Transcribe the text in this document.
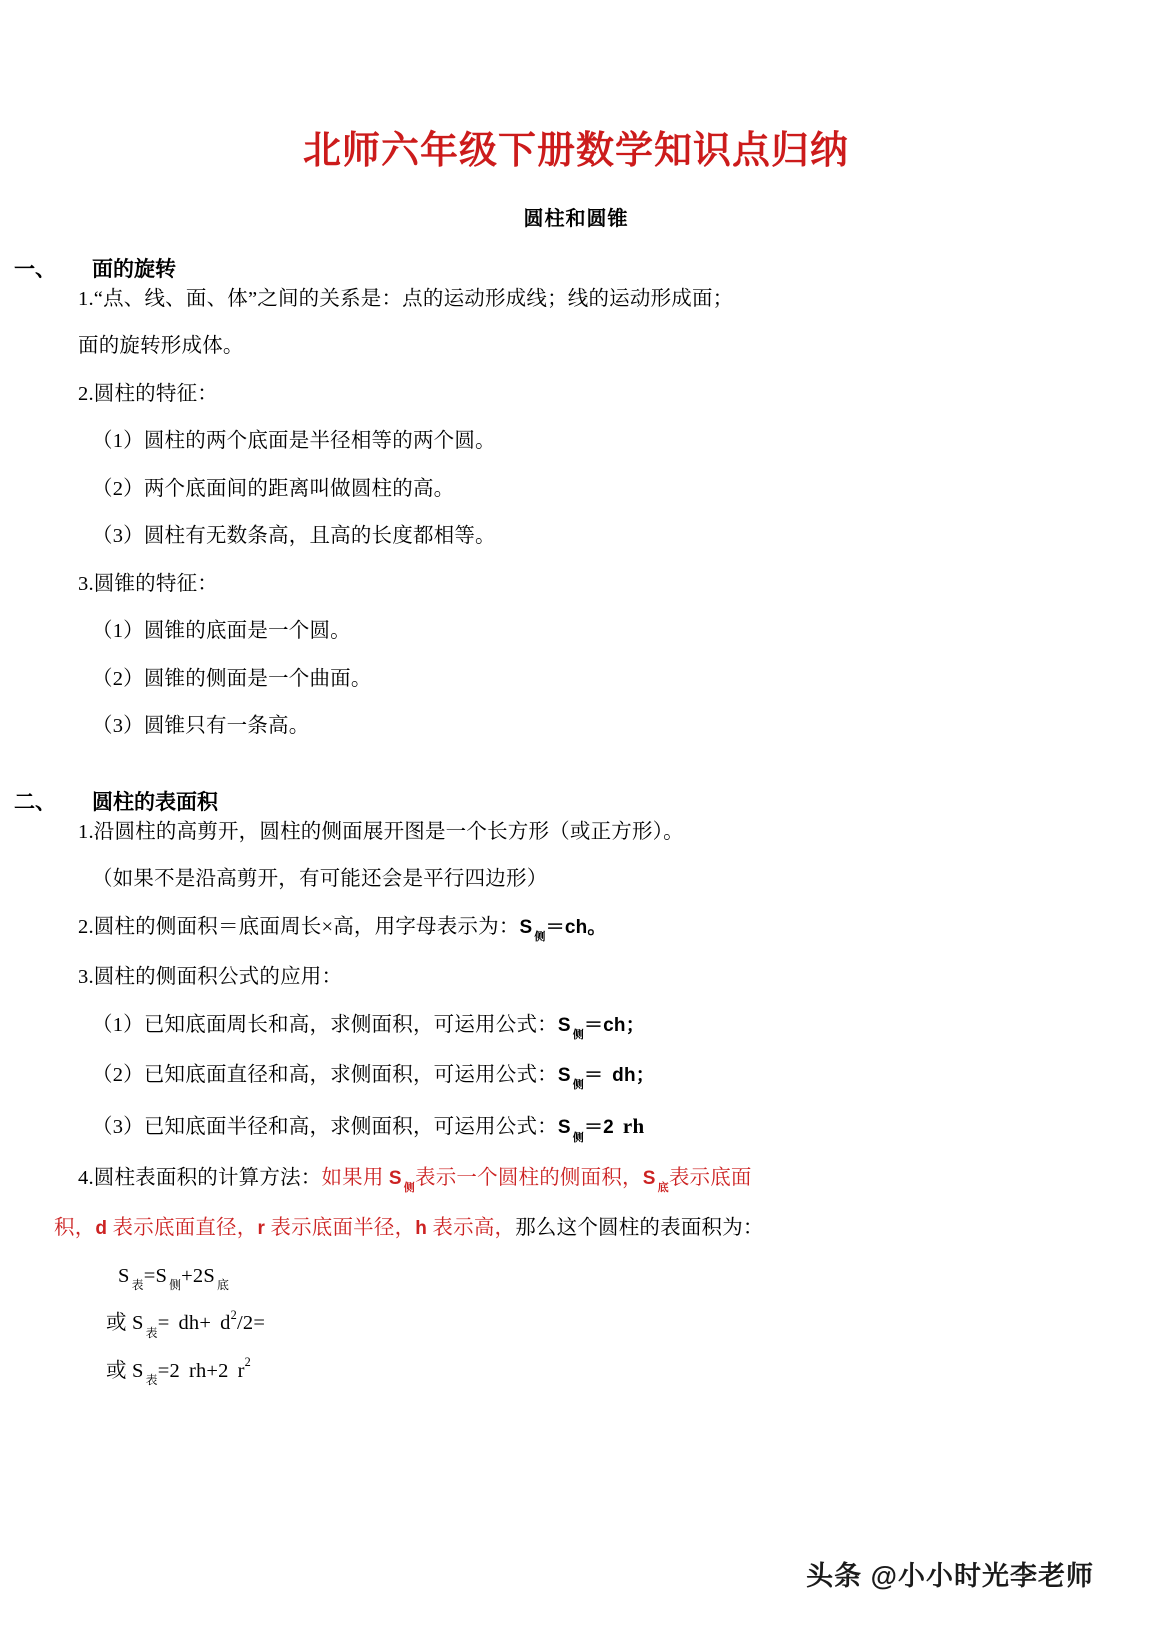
北师六年级下册数学知识点归纳
圆柱和圆锥
一、	面的旋转

1.“点、线、面、体”之间的关系是：点的运动形成线；线的运动形成面；

面的旋转形成体。

2.圆柱的特征：

（1）圆柱的两个底面是半径相等的两个圆。

（2）两个底面间的距离叫做圆柱的高。

（3）圆柱有无数条高，且高的长度都相等。

3.圆锥的特征：

（1）圆锥的底面是一个圆。

（2）圆锥的侧面是一个曲面。

（3）圆锥只有一条高。

二、	圆柱的表面积

1.沿圆柱的高剪开，圆柱的侧面展开图是一个长方形（或正方形）。

（如果不是沿高剪开，有可能还会是平行四边形）

2.圆柱的侧面积＝底面周长×高，用字母表示为：S $_侧$＝ch。

3.圆柱的侧面积公式的应用：

（1）已知底面周长和高，求侧面积，可运用公式：S $_侧$＝ch；

（2）已知底面直径和高，求侧面积，可运用公式：S $_侧$＝ dh；

（3）已知底面半径和高，求侧面积，可运用公式：S $_侧$＝2 rh

4.圆柱表面积的计算方法：如果用 S $_侧$表示一个圆柱的侧面积，S $_底$表示底面

积，d 表示底面直径，r 表示底面半径，h 表示高，那么这个圆柱的表面积为：

S $_表$=S $_侧$+2S $_底$

或 S $_表= dh+ d^2/2=$

或 S $_表$=2 rh+2 $r^2$

头条 @小小时光李老师
